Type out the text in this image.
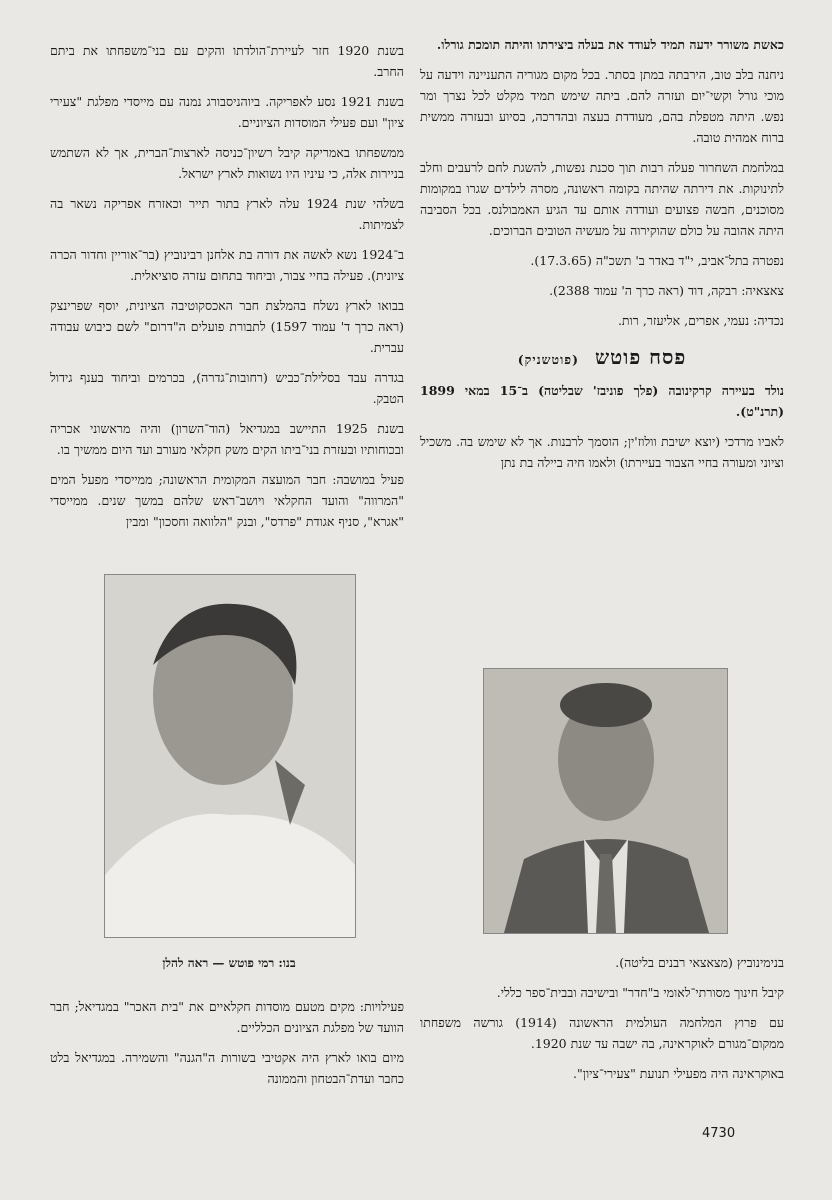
כאשת משורר ידעה תמיד לעודד את בעלה ביצירתו והיתה תומכת גורלו.

ניחנה בלב טוב, הירבתה במתן בסתר. בכל מקום מגוריה התעניינה וידעה על מוכי גורל וקשי־יום ועזרה להם. ביתה שימש תמיד מקלט לכל נצרך ומר נפש. היתה מטפלת בהם, מעודדת בעצה ובהדרכה, בסיוע ובעזרה ממשית ברוח אמהית טובה.

במלחמת השחרור פעלה רבות תוך סכנת נפשות, להשגת לחם לרעבים וחלב לתינוקות. את דירתה שהיתה בקומה ראשונה, מסרה לילדים שגרו במקומות מסוכנים, חבשה פצועים ועודדה אותם עד הגיע האמבולנס. בכל הסביבה היתה אהובה על כולם שהוקירוה על מעשיה הטובים הברוכים.

נפטרה בתל־אביב, י"ד באדר ב' תשכ"ה (17.3.65).

צאצאיה: רבקה, דוד (ראה כרך ה' עמוד 2388).

נכדיה: נעמי, אפרים, אליעזר, רות.

פסח פוטש (פוטשניק)

נולד בעיירה קרקינובה (פלך פוניבז' שבליטה) ב־15 במאי 1899 (תרנ"ט).

לאביו מרדכי (יוצא ישיבת וולוז'ין; הוסמך לרבנות. אך לא שימש בה. משכיל וציוני ומעורה בחיי הצבור בעיירתו) ולאמו חיה ביילה בת נתן

בנימינוביץ (מצאצאי רבנים בליטה).

קיבל חינוך מסורתי־לאומי ב"חדר" ובישיבה ובבית־ספר כללי.

עם פרוץ המלחמה העולמית הראשונה (1914) גורשה משפחתו ממקום־מגורם לאוקראינה, בה ישבה עד שנת 1920.

באוקראינה היה מפעילי תנועת "צעירי־ציון".

בשנת 1920 חזר לעיירת־הולדתו והקים עם בני־משפחתו את ביתם החרב.

בשנת 1921 נסע לאפריקה. ביוהניסבורג נמנה עם מייסדי מפלגת "צעירי ציון" ועם פעילי המוסדות הציוניים.

ממשפחתו באמריקה קיבל רשיון־כניסה לארצות־הברית, אך לא השתמש בניירות אלה, כי עיניו היו נשואות לארץ ישראל.

בשלהי שנת 1924 עלה לארץ בתור תייר וכאזרח אפריקה נשאר בה לצמיתות.

ב־1924 נשא לאשה את דורה בת אלחנן רבינוביץ (בר־אוריין וחדור הכרה ציונית). פעילה בחיי צבור, וביחוד בתחום עזרה סוציאלית.

בבואו לארץ נשלח בהמלצת חבר האכסקוטיבה הציונית, יוסף שפרינצק (ראה כרך ד' עמוד 1597) לתבורת פועלים ה"דרום" לשם כיבוש עבודה עברית.

בגדרה עבד בסלילת־כביש (רחובות־גדרה), בכרמים וביחוד בענף גידול הטבק.

בשנת 1925 התיישב במגדיאל (הוד־השרון) והיה מראשוני אכריה ובכוחותיו ובעזרת בני־ביתו הקים משק חקלאי מעורב ועד היום ממשיך בו.

פעיל במושבה: חבר המועצה המקומית הראשונה; ממייסדי מפעל המים "המרווה" והועד החקלאי ויושב־ראש שלהם במשך שנים. ממייסדי "אגרא", סניף אגודת "פרדס", ובנק "הלוואה וחסכון" ומבין

בנו: רמי פוטש — ראה להלן

פעילויות: מקים מטעם מוסדות חקלאיים את "בית האכר" במגדיאל; חבר הוועד של מפלגת הציונים הכלליים.

מיום בואו לארץ היה אקטיבי בשורות ה"הגנה" והשמירה. במגדיאל בלט כחבר ועדת־הבטחון והממונה

4730
